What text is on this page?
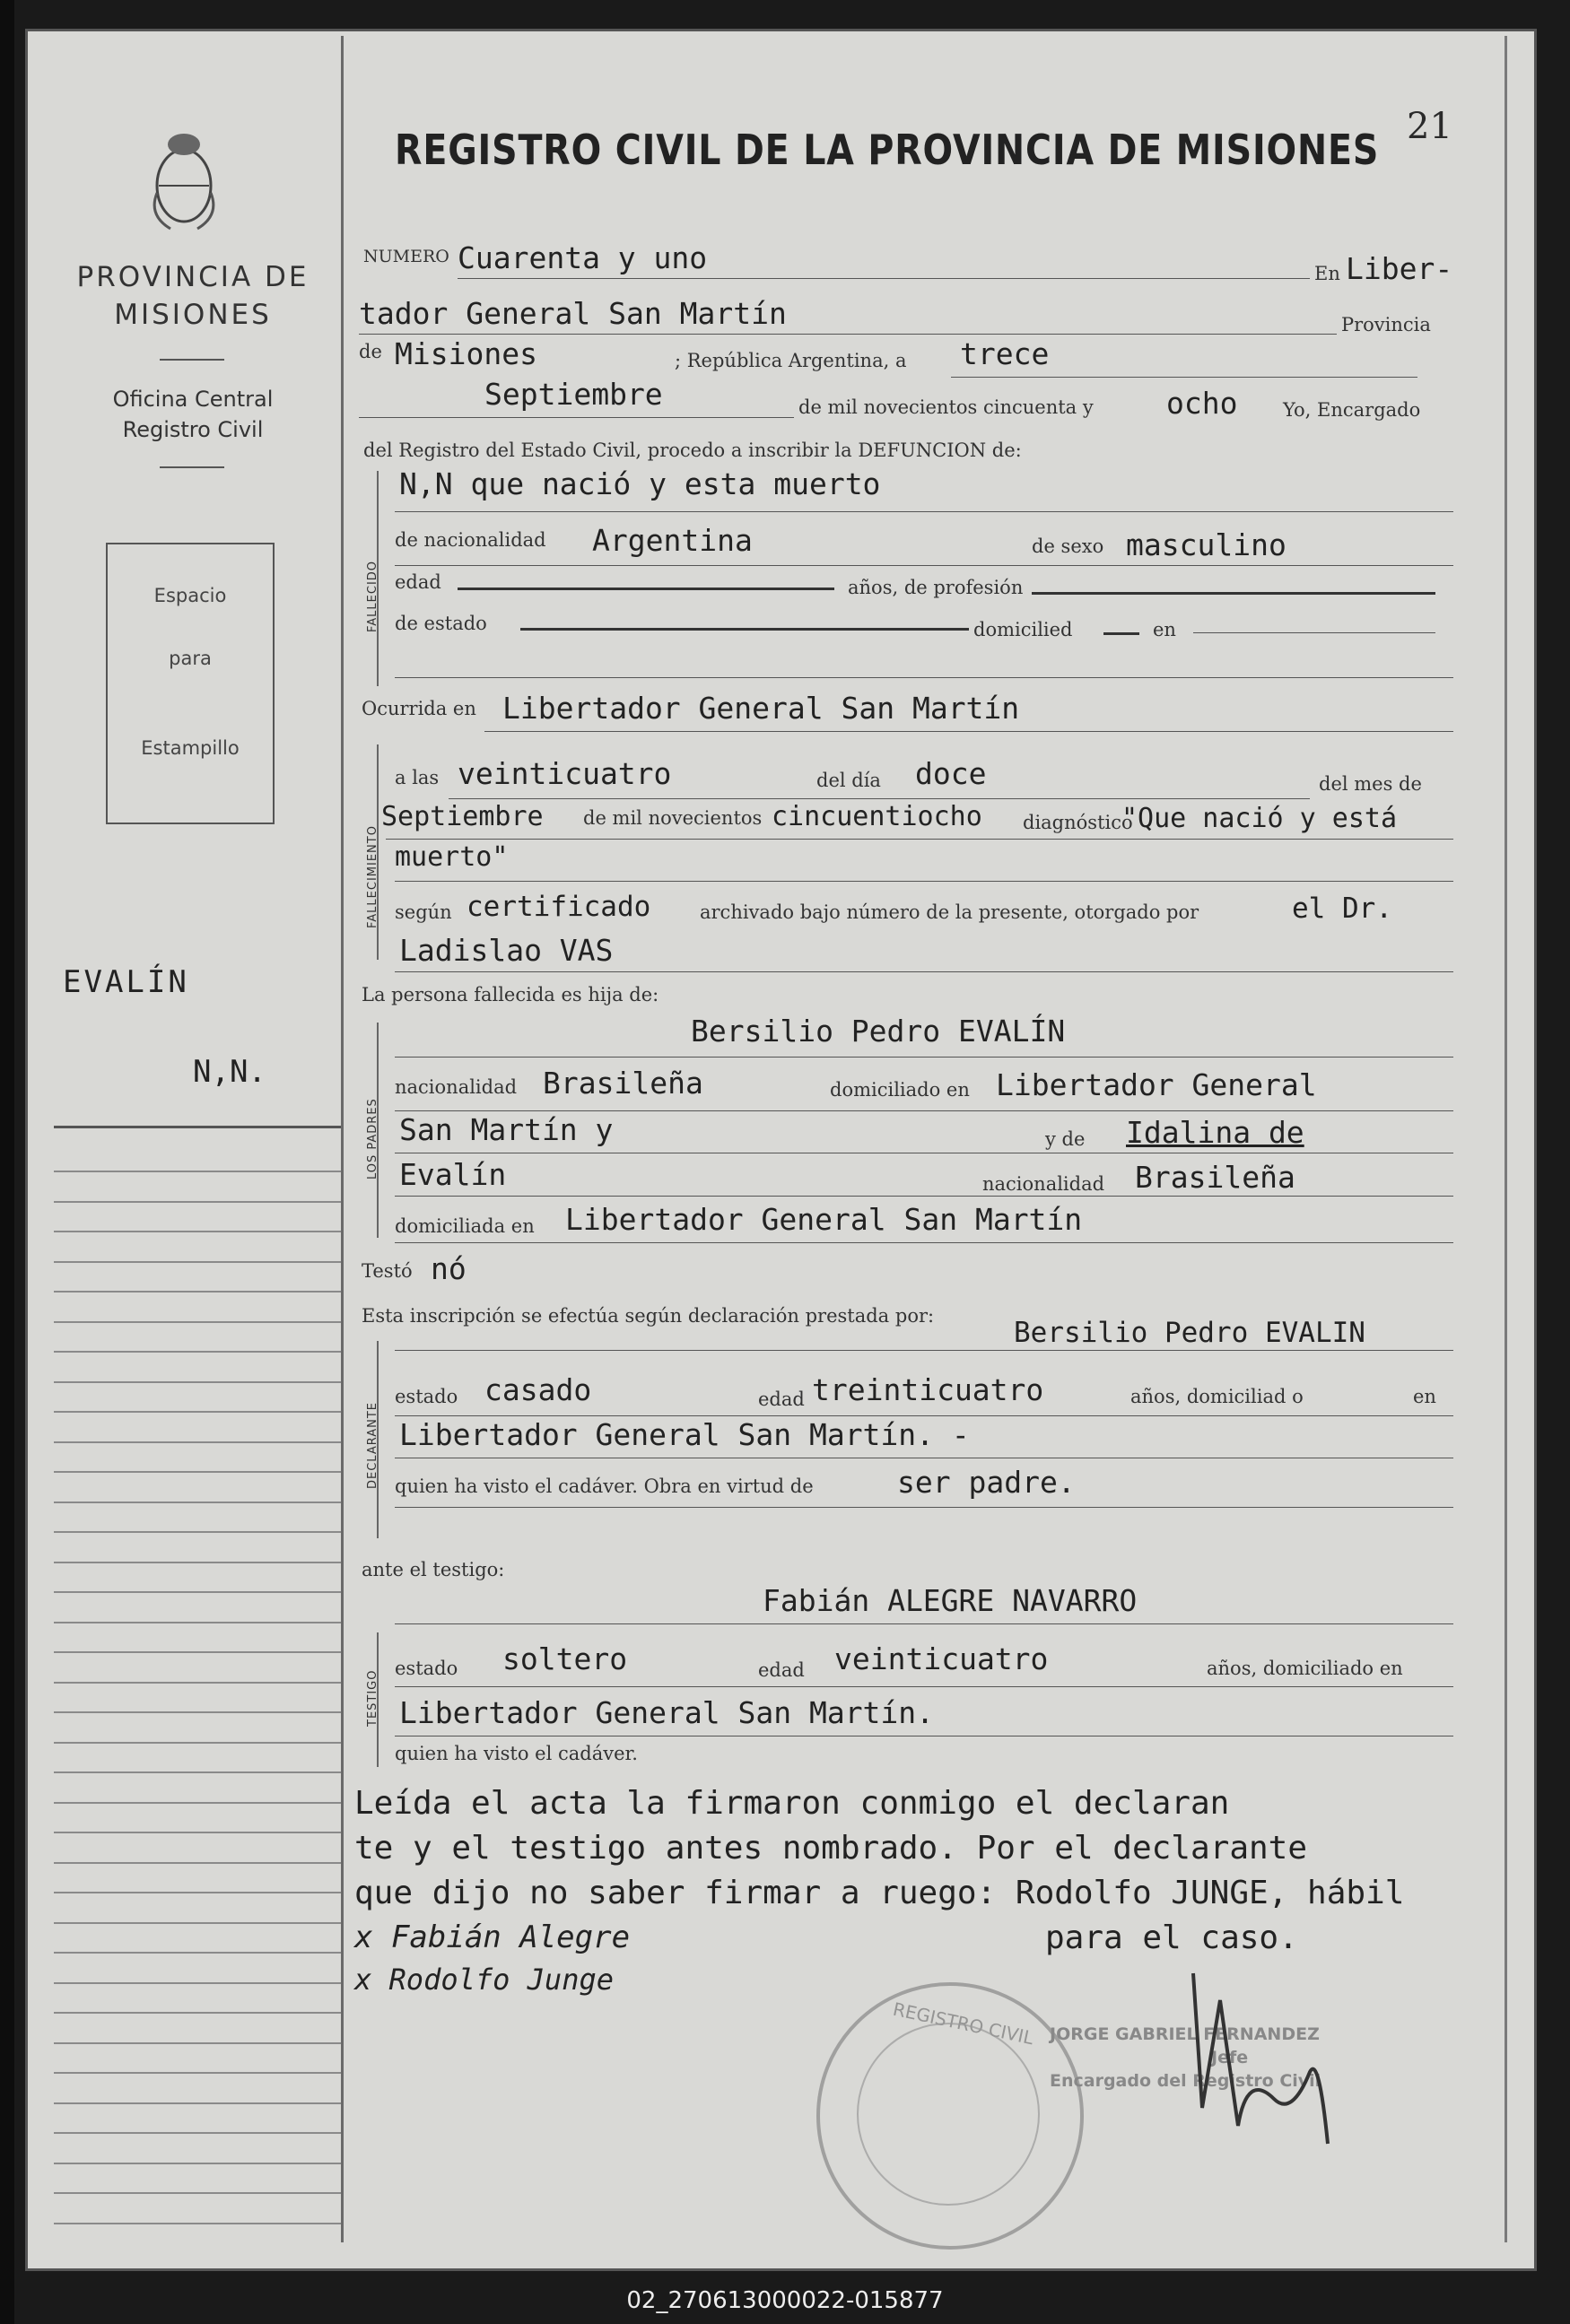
PROVINCIA DE
MISIONES
Oficina Central
Registro Civil
Espacio
para
Estampillo
EVALÍN
N,N.
REGISTRO CIVIL DE LA PROVINCIA DE MISIONES 21
NUMERO Cuarenta y uno	En Liber-
tador General San Martín	Provincia
de Misiones	; República Argentina, a trece
Septiembre	de mil novecientos cincuenta y ocho Yo, Encargado
del Registro del Estado Civil, procedo a inscribir la DEFUNCION de:
FALLECIDO
N,N que nació y esta muerto
de nacionalidad Argentina	de sexo masculino
edad	años, de profesión
de estado	domicilied	en
Ocurrida en Libertador General San Martín
FALLECIMIENTO
a las veinticuatro	del día doce	del mes de
Septiembre de mil novecientos cincuentiocho diagnóstico
"Que nació y está
muerto"
según certificado	archivado bajo número de la presente, otorgado por	el Dr.
Ladislao VAS
La persona fallecida es hija de:
LOS PADRES
Bersilio Pedro EVALÍN
nacionalidad Brasileña	domiciliado en Libertador General
San Martín y	y de Idalina de
Evalín	nacionalidad Brasileña
domiciliada en Libertador General San Martín
Testó nó
Esta inscripción se efectúa según declaración prestada por:
Bersilio Pedro EVALIN
DECLARANTE
estado casado	edad treinticuatro	años, domiciliad o	en
Libertador General San Martín. -
quien ha visto el cadáver. Obra en virtud de	ser padre.
ante el testigo:
Fabián ALEGRE NAVARRO
TESTIGO
estado soltero	edad veinticuatro	años, domiciliado en
Libertador General San Martín.
quien ha visto el cadáver.
Leída el acta la firmaron conmigo el declaran
te y el testigo antes nombrado. Por el declarante
que dijo no saber firmar a ruego: Rodolfo JUNGE, hábil
para el caso.
x Fabián Alegre
x Rodolfo Junge
REGISTRO CIVIL JORGE GABRIEL FERNANDEZ
Jefe
Encargado del Registro Civil
02_270613000022-015877
